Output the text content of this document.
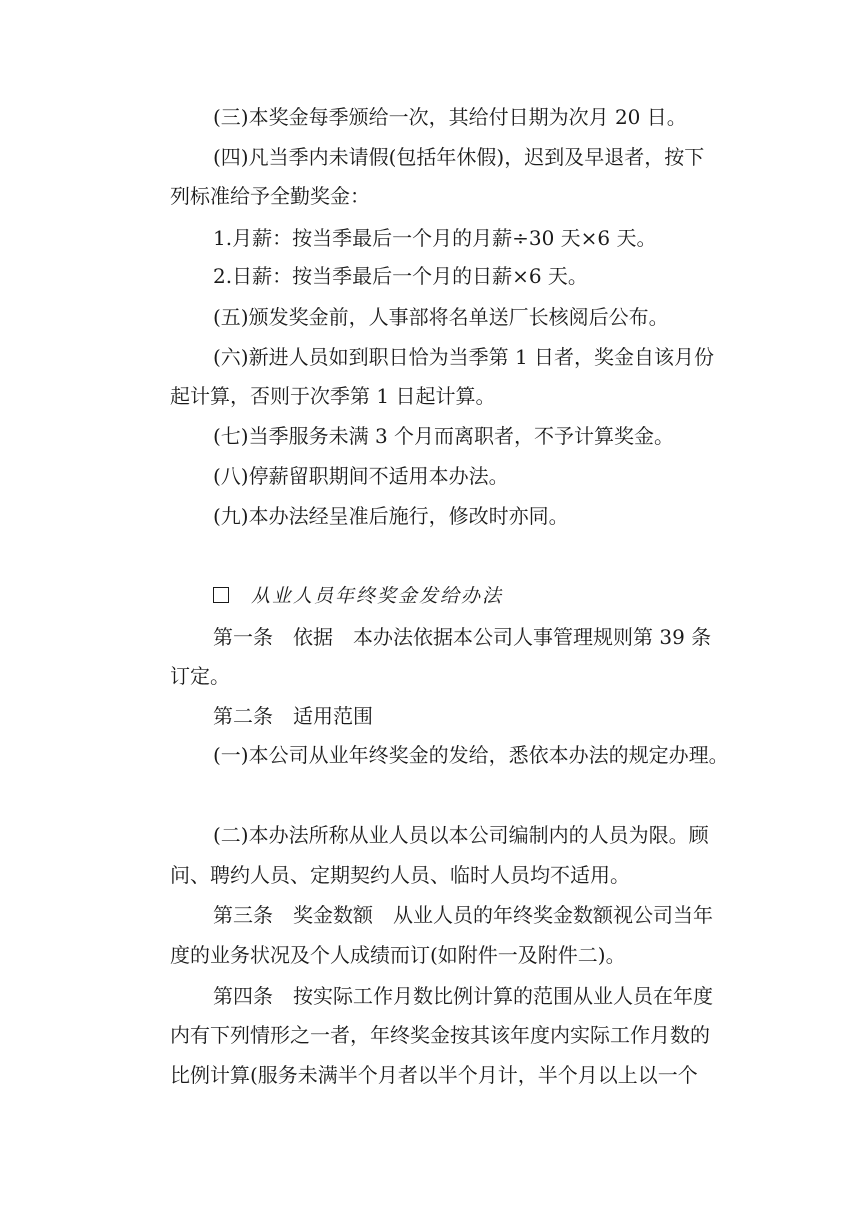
(三)本奖金每季颁给一次，其给付日期为次月 20 日。
(四)凡当季内未请假(包括年休假)，迟到及早退者，按下
列标准给予全勤奖金：
1.月薪：按当季最后一个月的月薪÷30 天×6 天。
2.日薪：按当季最后一个月的日薪×6 天。
(五)颁发奖金前，人事部将名单送厂长核阅后公布。
(六)新进人员如到职日恰为当季第 1 日者，奖金自该月份
起计算，否则于次季第 1 日起计算。
(七)当季服务未满 3 个月而离职者，不予计算奖金。
(八)停薪留职期间不适用本办法。
(九)本办法经呈准后施行，修改时亦同。
从业人员年终奖金发给办法
第一条　依据　本办法依据本公司人事管理规则第 39 条
订定。
第二条　适用范围
(一)本公司从业年终奖金的发给，悉依本办法的规定办理。
(二)本办法所称从业人员以本公司编制内的人员为限。顾
问、聘约人员、定期契约人员、临时人员均不适用。
第三条　奖金数额　从业人员的年终奖金数额视公司当年
度的业务状况及个人成绩而订(如附件一及附件二)。
第四条　按实际工作月数比例计算的范围从业人员在年度
内有下列情形之一者，年终奖金按其该年度内实际工作月数的
比例计算(服务未满半个月者以半个月计，半个月以上以一个
